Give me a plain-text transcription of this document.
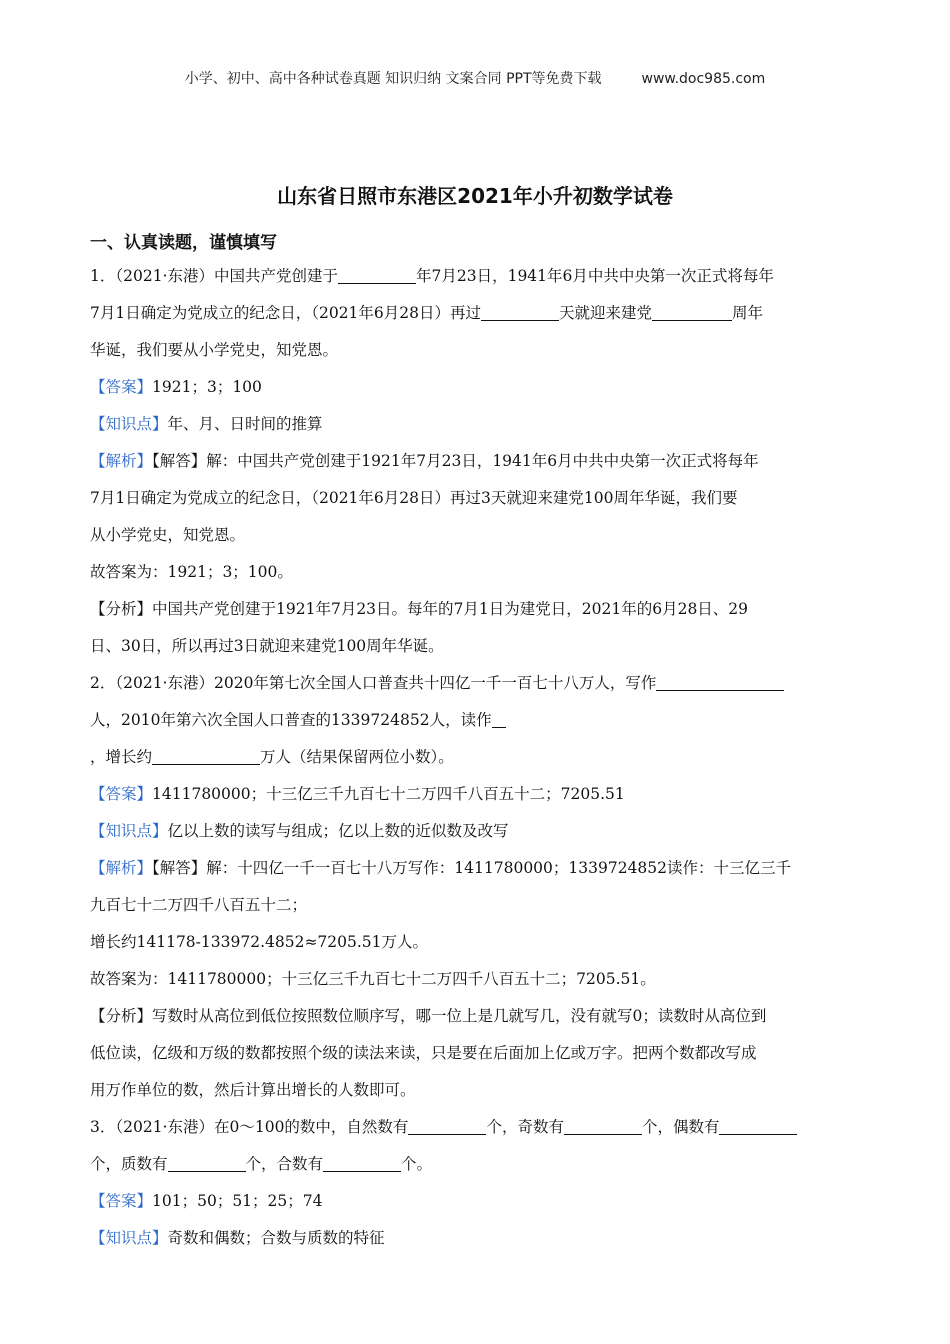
小学、初中、高中各种试卷真题 知识归纳 文案合同 PPT等免费下载	www.doc985.com
山东省日照市东港区2021年小升初数学试卷
一、认真读题，谨慎填写
1．（2021·东港）中国共产党创建于	年7月23日，1941年6月中共中央第一次正式将每年
7月1日确定为党成立的纪念日，（2021年6月28日）再过	天就迎来建党	周年
华诞，我们要从小学党史，知党恩。
【答案】1921；3；100
【知识点】年、月、日时间的推算
【解析】【解答】解：中国共产党创建于1921年7月23日，1941年6月中共中央第一次正式将每年
7月1日确定为党成立的纪念日，（2021年6月28日）再过3天就迎来建党100周年华诞，我们要
从小学党史，知党恩。
故答案为：1921；3；100。
【分析】中国共产党创建于1921年7月23日。每年的7月1日为建党日，2021年的6月28日、29
日、30日，所以再过3日就迎来建党100周年华诞。
2．（2021·东港）2020年第七次全国人口普查共十四亿一千一百七十八万人，写作
人，2010年第六次全国人口普查的1339724852人，读作
，增长约	万人（结果保留两位小数）。
【答案】1411780000；十三亿三千九百七十二万四千八百五十二；7205.51
【知识点】亿以上数的读写与组成；亿以上数的近似数及改写
【解析】【解答】解：十四亿一千一百七十八万写作：1411780000；1339724852读作：十三亿三千
九百七十二万四千八百五十二；
增长约141178-133972.4852≈7205.51万人。
故答案为：1411780000；十三亿三千九百七十二万四千八百五十二；7205.51。
【分析】写数时从高位到低位按照数位顺序写，哪一位上是几就写几，没有就写0；读数时从高位到
低位读，亿级和万级的数都按照个级的读法来读，只是要在后面加上亿或万字。把两个数都改写成
用万作单位的数，然后计算出增长的人数即可。
3．（2021·东港）在0～100的数中，自然数有	个，奇数有	个，偶数有
个，质数有	个，合数有	个。
【答案】101；50；51；25；74
【知识点】奇数和偶数；合数与质数的特征
